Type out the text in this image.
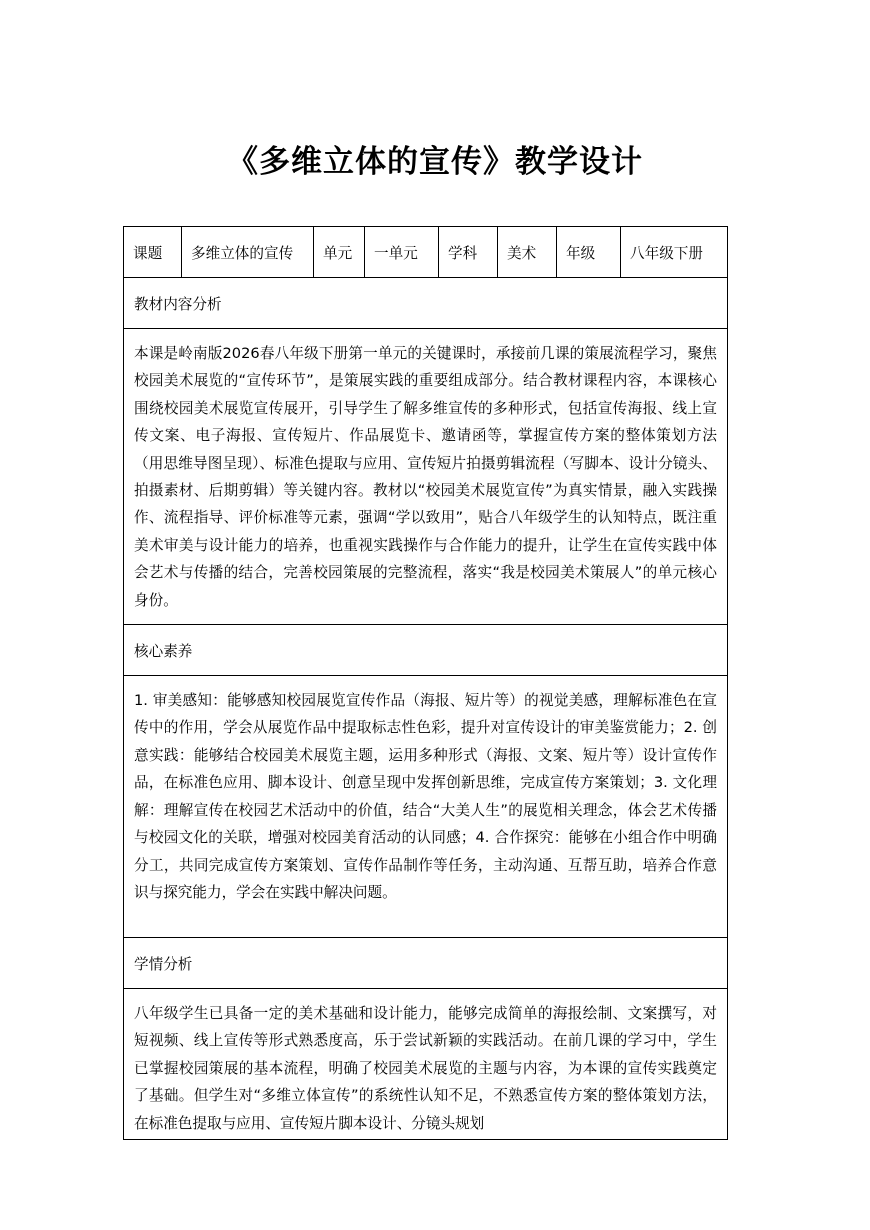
《多维立体的宣传》教学设计
课题	多维立体的宣传	单元	一单元	学科	美术	年级	八年级下册
教材内容分析
本课是岭南版2026春八年级下册第一单元的关键课时，承接前几课的策展流程学习，聚焦校园美术展览的“宣传环节”，是策展实践的重要组成部分。结合教材课程内容，本课核心围绕校园美术展览宣传展开，引导学生了解多维宣传的多种形式，包括宣传海报、线上宣传文案、电子海报、宣传短片、作品展览卡、邀请函等，掌握宣传方案的整体策划方法（用思维导图呈现）、标准色提取与应用、宣传短片拍摄剪辑流程（写脚本、设计分镜头、拍摄素材、后期剪辑）等关键内容。教材以“校园美术展览宣传”为真实情景，融入实践操作、流程指导、评价标准等元素，强调“学以致用”，贴合八年级学生的认知特点，既注重美术审美与设计能力的培养，也重视实践操作与合作能力的提升，让学生在宣传实践中体会艺术与传播的结合，完善校园策展的完整流程，落实“我是校园美术策展人”的单元核心身份。
核心素养
1. 审美感知：能够感知校园展览宣传作品（海报、短片等）的视觉美感，理解标准色在宣传中的作用，学会从展览作品中提取标志性色彩，提升对宣传设计的审美鉴赏能力；2. 创意实践：能够结合校园美术展览主题，运用多种形式（海报、文案、短片等）设计宣传作品，在标准色应用、脚本设计、创意呈现中发挥创新思维，完成宣传方案策划；3. 文化理解：理解宣传在校园艺术活动中的价值，结合“大美人生”的展览相关理念，体会艺术传播与校园文化的关联，增强对校园美育活动的认同感；4. 合作探究：能够在小组合作中明确分工，共同完成宣传方案策划、宣传作品制作等任务，主动沟通、互帮互助，培养合作意识与探究能力，学会在实践中解决问题。
学情分析

八年级学生已具备一定的美术基础和设计能力，能够完成简单的海报绘制、文案撰写，对短视频、线上宣传等形式熟悉度高，乐于尝试新颖的实践活动。在前几课的学习中，学生已掌握校园策展的基本流程，明确了校园美术展览的主题与内容，为本课的宣传实践奠定了基础。但学生对“多维立体宣传”的系统性认知不足，不熟悉宣传方案的整体策划方法，在标准色提取与应用、宣传短片脚本设计、分镜头规划
